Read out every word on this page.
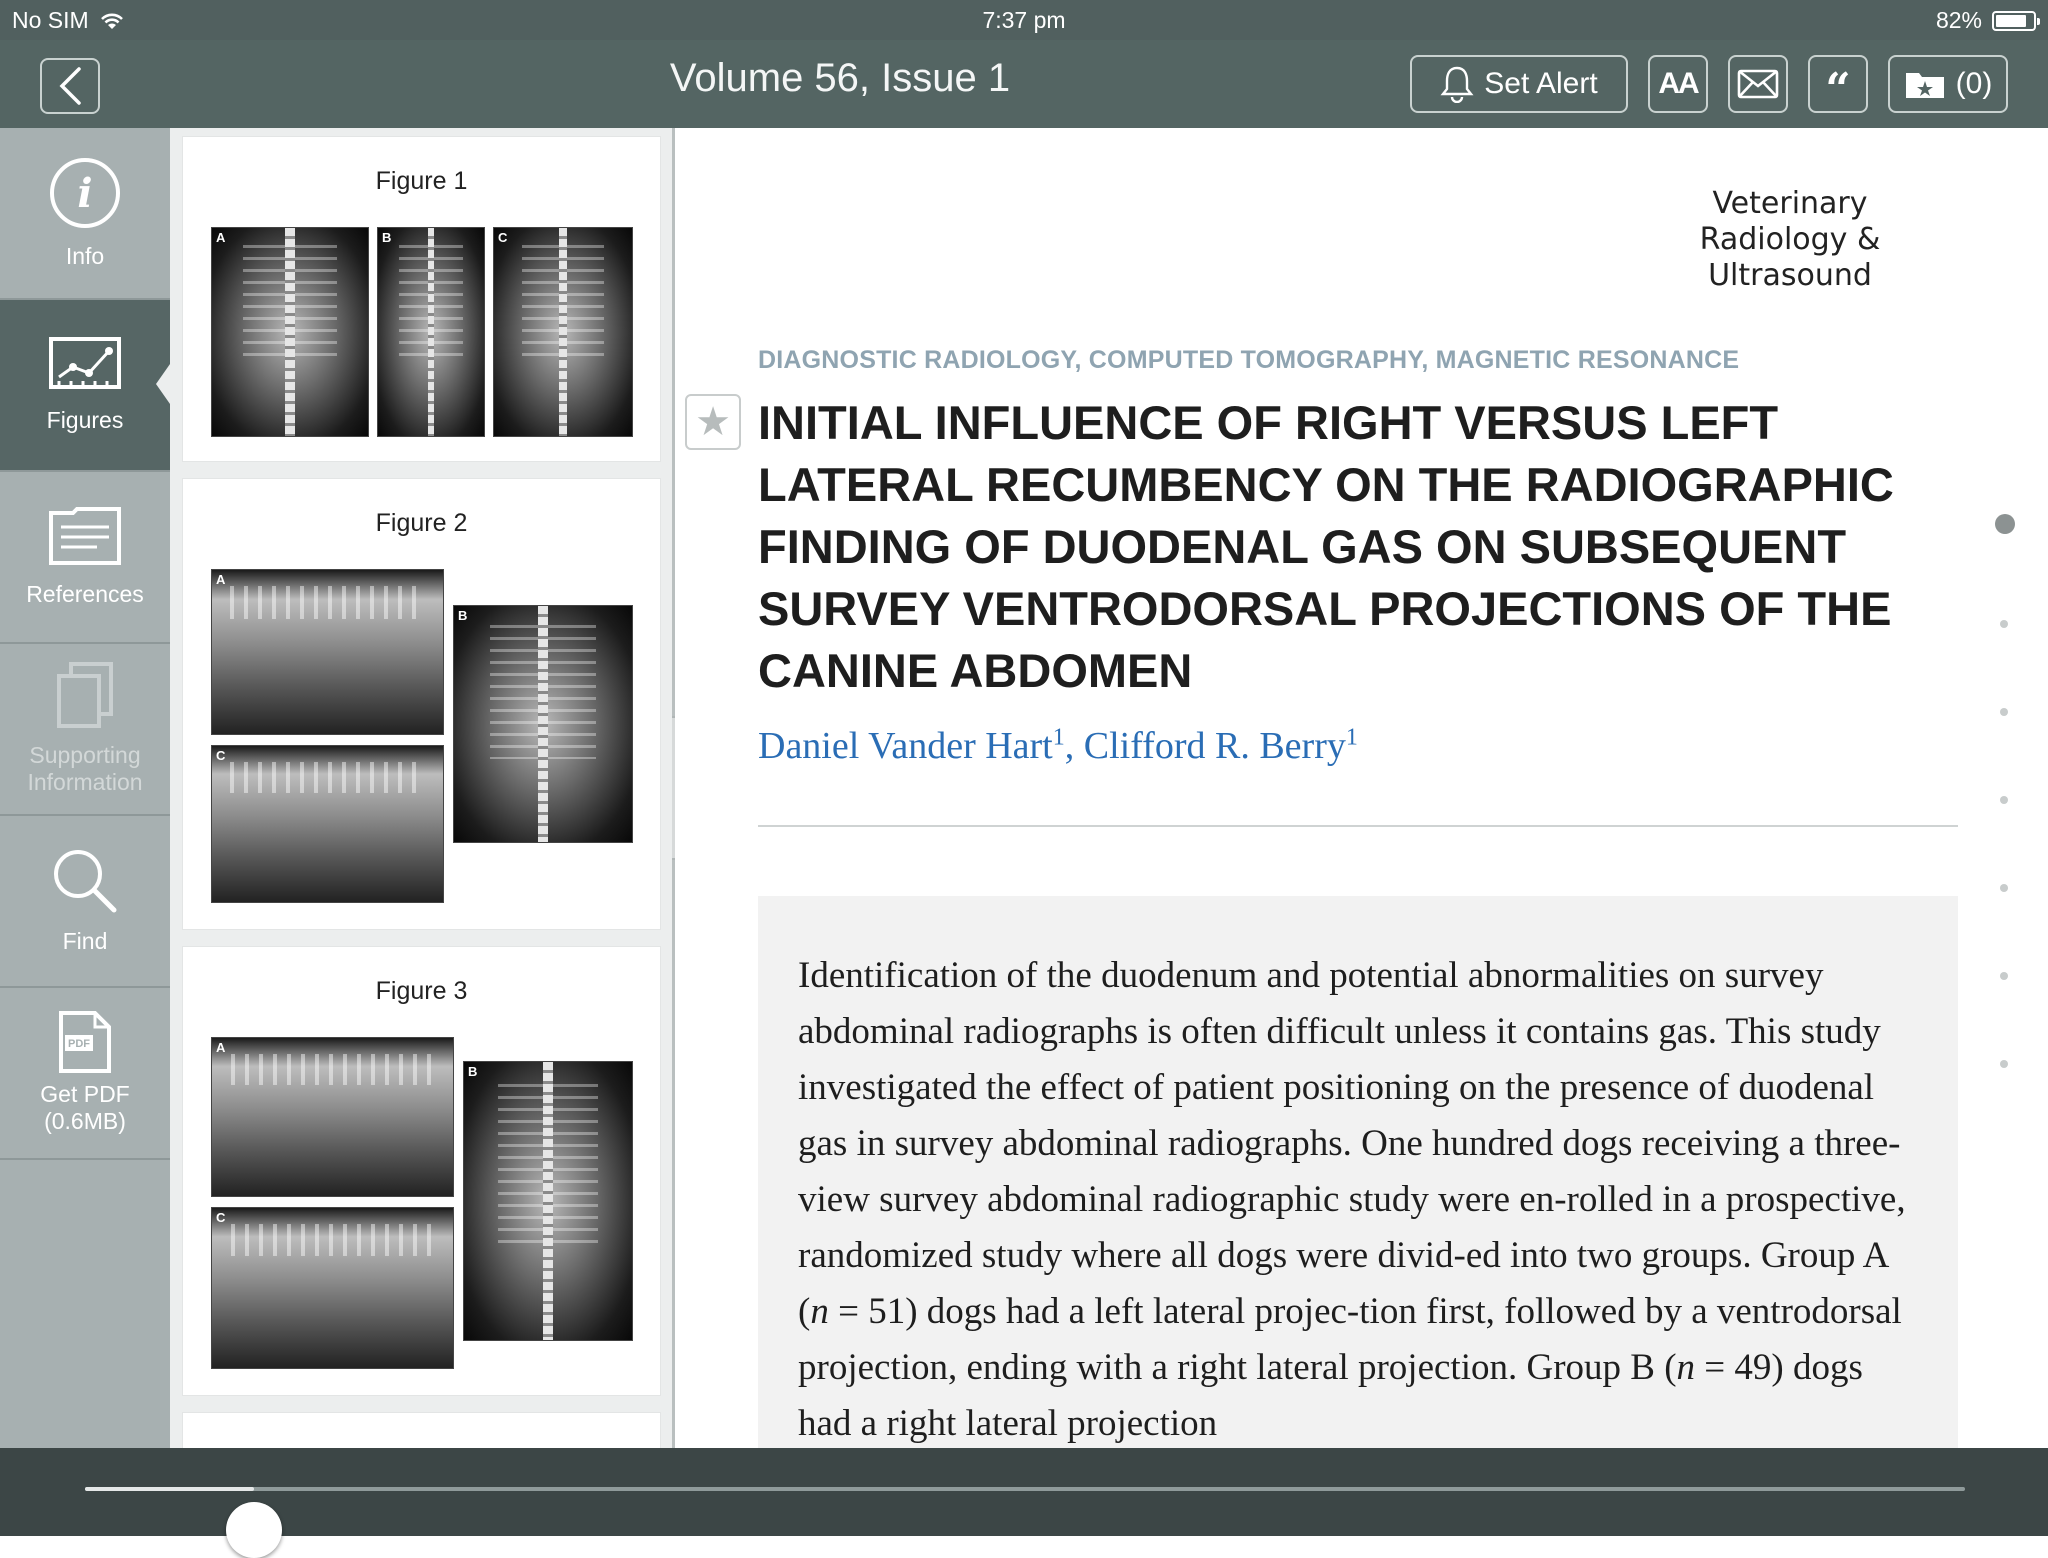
No SIM	7:37 pm	82%
Volume 56, Issue 1	Set Alert AA	“	(0)
i
Info
Figures
References
Supporting
Information
Find
PDF
Get PDF
(0.6MB)
Figure 1
A	B	C
Figure 2
A
B
C
Figure 3
A
B
C
Veterinary
Radiology &
Ultrasound
DIAGNOSTIC RADIOLOGY, COMPUTED TOMOGRAPHY, MAGNETIC RESONANCE
★ INITIAL INFLUENCE OF RIGHT VERSUS LEFT LATERAL RECUMBENCY ON THE RADIOGRAPHIC FINDING OF DUODENAL GAS ON SUBSEQUENT SURVEY VENTRODORSAL PROJECTIONS OF THE CANINE ABDOMEN
Daniel Vander Hart$^1$, Clifford R. Berry$^1$

Identification of the duodenum and potential abnormalities on survey abdominal radiographs is often difficult unless it contains gas. This study investigated the effect of patient positioning on the presence of duodenal gas in survey abdominal radiographs. One hundred dogs receiving a three-view survey abdominal radiographic study were en-rolled in a prospective, randomized study where all dogs were divid-ed into two groups. Group A (n = 51) dogs had a left lateral projec-tion first, followed by a ventrodorsal projection, ending with a right lateral projection. Group B (n = 49) dogs had a right lateral projection
